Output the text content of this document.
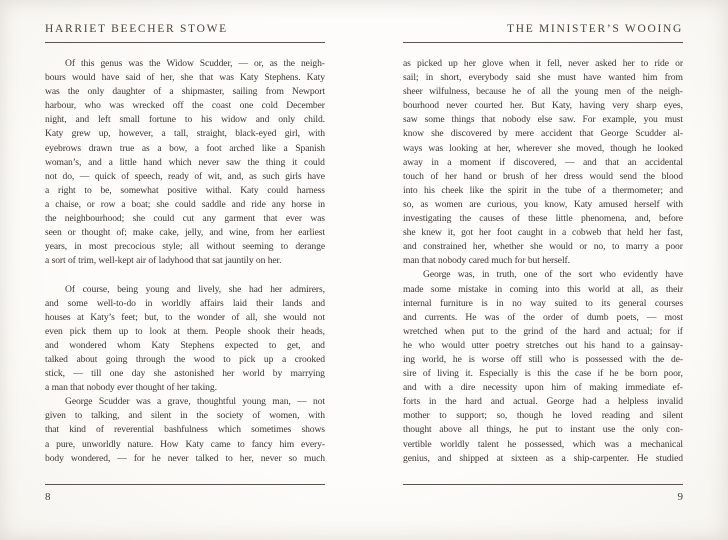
HARRIET BEECHER STOWE
Of this genus was the Widow Scudder, — or, as the neigh-
bours would have said of her, she that was Katy Stephens. Katy
was the only daughter of a shipmaster, sailing from Newport
harbour, who was wrecked off the coast one cold December
night, and left small fortune to his widow and only child.
Katy grew up, however, a tall, straight, black-eyed girl, with
eyebrows drawn true as a bow, a foot arched like a Spanish
woman’s, and a little hand which never saw the thing it could
not do, — quick of speech, ready of wit, and, as such girls have
a right to be, somewhat positive withal. Katy could harness
a chaise, or row a boat; she could saddle and ride any horse in
the neighbourhood; she could cut any garment that ever was
seen or thought of; make cake, jelly, and wine, from her earliest
years, in most precocious style; all without seeming to derange
a sort of trim, well-kept air of ladyhood that sat jauntily on her.
Of course, being young and lively, she had her admirers,
and some well-to-do in worldly affairs laid their lands and
houses at Katy’s feet; but, to the wonder of all, she would not
even pick them up to look at them. People shook their heads,
and wondered whom Katy Stephens expected to get, and
talked about going through the wood to pick up a crooked
stick, — till one day she astonished her world by marrying
a man that nobody ever thought of her taking.
George Scudder was a grave, thoughtful young man, — not
given to talking, and silent in the society of women, with
that kind of reverential bashfulness which sometimes shows
a pure, unworldly nature. How Katy came to fancy him every-
body wondered, — for he never talked to her, never so much
8
THE MINISTER’S WOOING
as picked up her glove when it fell, never asked her to ride or
sail; in short, everybody said she must have wanted him from
sheer wilfulness, because he of all the young men of the neigh-
bourhood never courted her. But Katy, having very sharp eyes,
saw some things that nobody else saw. For example, you must
know she discovered by mere accident that George Scudder al-
ways was looking at her, wherever she moved, though he looked
away in a moment if discovered, — and that an accidental
touch of her hand or brush of her dress would send the blood
into his cheek like the spirit in the tube of a thermometer; and
so, as women are curious, you know, Katy amused herself with
investigating the causes of these little phenomena, and, before
she knew it, got her foot caught in a cobweb that held her fast,
and constrained her, whether she would or no, to marry a poor
man that nobody cared much for but herself.
George was, in truth, one of the sort who evidently have
made some mistake in coming into this world at all, as their
internal furniture is in no way suited to its general courses
and currents. He was of the order of dumb poets, — most
wretched when put to the grind of the hard and actual; for if
he who would utter poetry stretches out his hand to a gainsay-
ing world, he is worse off still who is possessed with the de-
sire of living it. Especially is this the case if he be born poor,
and with a dire necessity upon him of making immediate ef-
forts in the hard and actual. George had a helpless invalid
mother to support; so, though he loved reading and silent
thought above all things, he put to instant use the only con-
vertible worldly talent he possessed, which was a mechanical
genius, and shipped at sixteen as a ship-carpenter. He studied
9
